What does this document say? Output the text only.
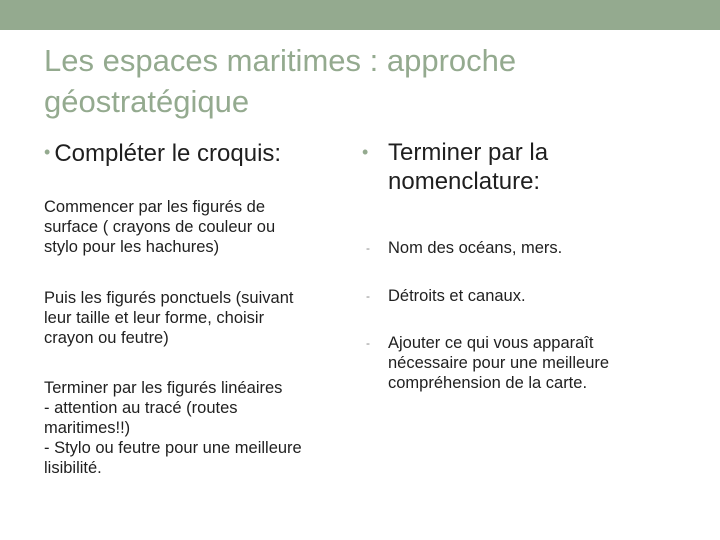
Les espaces maritimes : approche géostratégique
• Compléter le croquis:

Commencer par les figurés de
surface ( crayons de couleur ou
stylo pour les hachures)

Puis les figurés ponctuels (suivant
leur taille et leur forme, choisir
crayon ou feutre)

Terminer par les figurés linéaires
- attention au tracé (routes
maritimes!!)
- Stylo ou feutre pour une meilleure
lisibilité.

• Terminer par la nomenclature:
- Nom des océans, mers.
- Détroits et canaux.
- Ajouter ce qui vous apparaît
nécessaire pour une meilleure
compréhension de la carte.
